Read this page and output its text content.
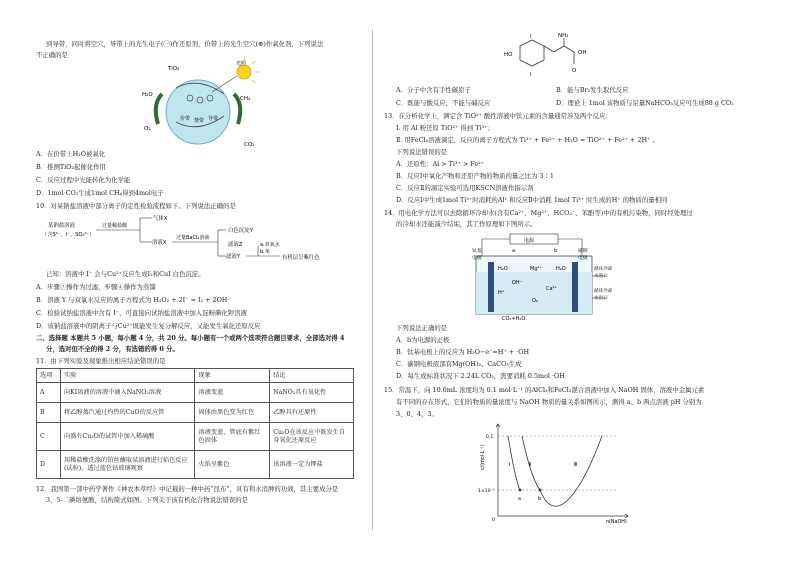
到导带，同时将空穴，导带上的光生电子(㊀)作还原剂，价带上的光生空穴(⊕)作氧化剂，下列说法
不正确的是
TiO₂
光照
H₂O
O₂
CH₄
CO₂
价带 禁带 导带
A．在价带上H₂O被氧化
B．推测TiO₂起催化作用
C．反应过程中光能转化为化学能
D．1mol CO₂生成1mol CH₄得到4mol电子
10．对某钠盐溶液中部分离子的定性检验流程如下。下列说法正确的是
某钠盐溶液
（含S²⁻、I⁻、SO₃²⁻）
过量稀盐酸
气体X
溶液X
过量BaCl₂溶液
白色沉淀Y
滤液Z
滤液Y
a.双氧水
b.苯
有机层呈紫红色
已知：溶液中 I⁻ 会与Cu²⁺反应生成I₂和CuI 白色沉淀。
A．步骤⑦操作为过滤，步骤④操作为蒸馏
B．溶液 Y 与双氧水反应的离子方程式为 H₂O₂ + 2I⁻ = I₂ + 2OH⁻
C．检验试纳盐溶液中含有 I⁻，可直接向试纳盐溶液中加入淀粉碘化钾溶液
D．该钠盐溶液中的阴离子与Cu²⁺既能发生复分解反应，又能发生氧化还原反应
二、选择题 本题共 5 小题，每小题 4 分，共 20 分。每小题有一个或两个选项符合题目要求，全部选对得 4
分，选对但不全的得 2 分，有选错的得 0 分。
11．由下列实验及现象推出相应结论错误的是
选项	实验	现象	结论
A	向KI溶液的溶液中滴入NaNO₂溶液	溶液变蓝	NaNO₂具有氧化性
B	将乙醇蒸汽通过灼热的CuO的反应管	固体由黑色变为红色	乙醇具有还原性
C	向盛有Cu₂O的试管中加入稀硫酸	溶液变蓝，管底有紫红色固体	Cu₂O在该反应中既发生自身氧化还原反应
D	用稀盐酸洗涤的铂丝蘸取某溶液进行焰色反应(试验)，透过蓝色钴玻璃观察	火焰呈紫色	该溶液一定为钾盐
12．我国第一部中药学著作《神农本草经》中记载的一种中药“昆布”，具有利水消肿的功效，其主要成分是
3，5-二碘络氨酸，结构简式如图。下列关于该有机化合物说法错误的是
I
I
HO
NH₂
OH
O
A．分子中含有手性碳原子	B．能与Br₂发生取代反应
C．既能与酸反应，不能与碱反应	D．理论上 1mol 该物质与足量NaHCO₃反应可生成88 g CO₂
13．在分析化学上，测定含 TiO²⁺ 酸性溶液中钛元素的含量通常涉及两个反应：
Ⅰ. 用 Al 粉还原 TiO²⁺ 得到 Ti³⁺；
Ⅱ. 用FeCl₃溶液滴定，反应的离子方程式为 Ti³⁺ + Fe³⁺ + H₂O = TiO²⁺ + Fe²⁺ + 2H⁺ 。
下列说法错误的是
A．还原性：Al > Ti³⁺ > Fe²⁺
B．反应Ⅰ中氧化产物和还原产物的物质的量之比为 3∶1
C．反应Ⅱ的滴定实验可选用KSCN溶液作指示剂
D．反应Ⅰ中生成1mol Ti³⁺时消耗的Al¹ 和反应Ⅱ中消耗 1mol Ti³⁺ 时生成的H⁺ 的物质的量相同
14．用电化学方法可以去除循环冷却水(含有Ca²⁺、Mg²⁺、HCO₃⁻、苯酚等)中的有机污染物，同时经处理过
的冷却水还能减少结垢，其工作原理如下图所示。
电源
a	b
钛基
电极
碳钢
电极
循环冷却
水进口
循环冷却
水出口
H₂O	Mg²⁺	H₂O
OH⁻
H⁺
Ca²⁺
CO₂+H₂O
O₂
下列说法正确的是
A．b为电源的正极
B．钛基电极上的反应为 H₂O−e⁻=H⁺ + ·OH
C．碳钢电极底部有Mg(OH)₂、CaCO₃生成
D．每生成标准状况下 2.24L CO₂，需要消耗 0.5mol ·OH
15．常温下，向 10.0mL 浓度均为 0.1 mol·L⁻¹ 的AlCl₃和FeCl₃混合溶液中加入 NaOH 固体，溶液中金属元素
有不同的存在形式，它们的物质的量浓度与 NaOH 物质的量关系如图所示，测得 a、b 两点溶液 pH 分别为
3、0、4、3。
c/(mol·L⁻¹)
n(NaOH)
0.1
1×10⁻⁵
0
Ⅰ	Ⅱ	Ⅲ
a	b
